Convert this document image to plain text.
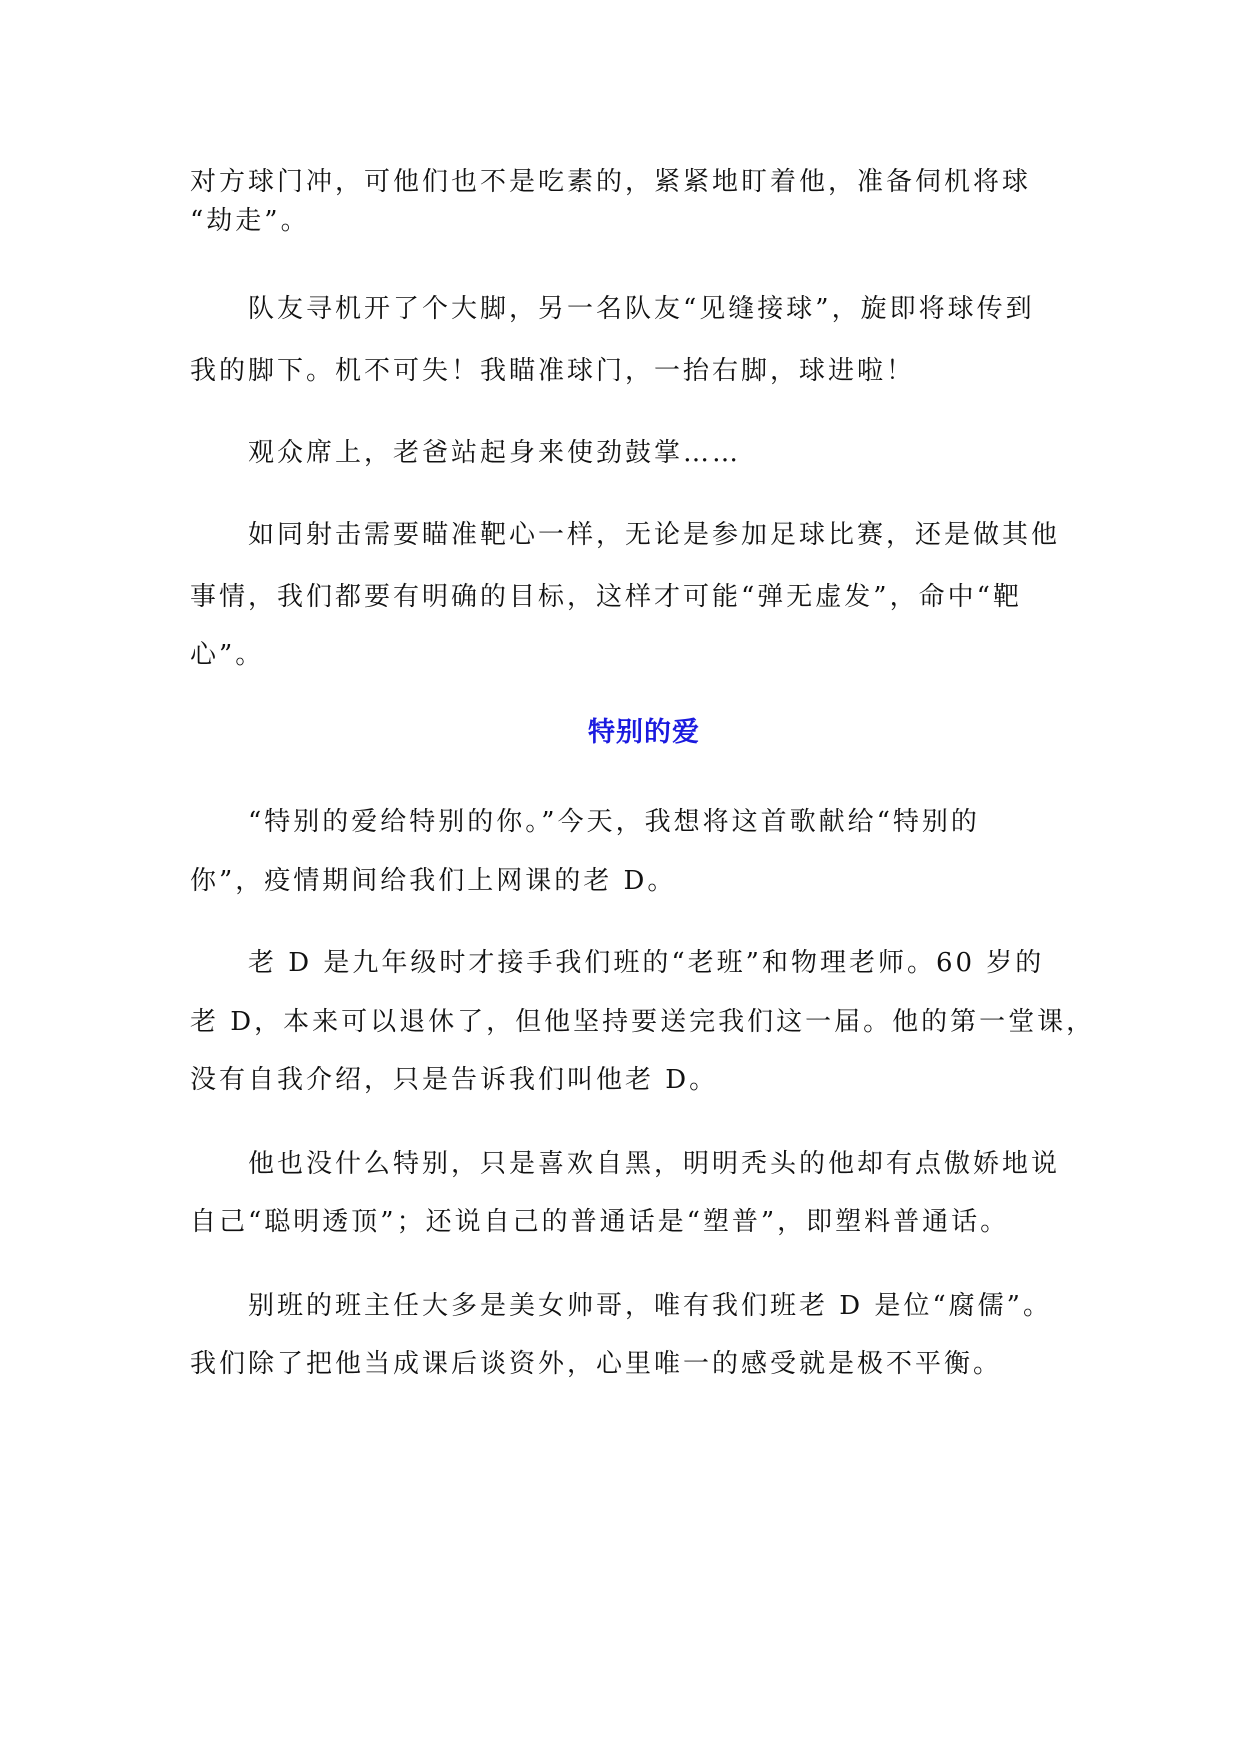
对方球门冲，可他们也不是吃素的，紧紧地盯着他，准备伺机将球
“劫走”。
队友寻机开了个大脚，另一名队友“见缝接球”，旋即将球传到
我的脚下。机不可失！我瞄准球门，一抬右脚，球进啦！
观众席上，老爸站起身来使劲鼓掌……
如同射击需要瞄准靶心一样，无论是参加足球比赛，还是做其他
事情，我们都要有明确的目标，这样才可能“弹无虚发”，命中“靶
心”。
特别的爱
“特别的爱给特别的你。”今天，我想将这首歌献给“特别的
你”，疫情期间给我们上网课的老 D。
老 D 是九年级时才接手我们班的“老班”和物理老师。60 岁的
老 D，本来可以退休了，但他坚持要送完我们这一届。他的第一堂课，
没有自我介绍，只是告诉我们叫他老 D。
他也没什么特别，只是喜欢自黑，明明秃头的他却有点傲娇地说
自己“聪明透顶”；还说自己的普通话是“塑普”，即塑料普通话。
别班的班主任大多是美女帅哥，唯有我们班老 D 是位“腐儒”。
我们除了把他当成课后谈资外，心里唯一的感受就是极不平衡。
